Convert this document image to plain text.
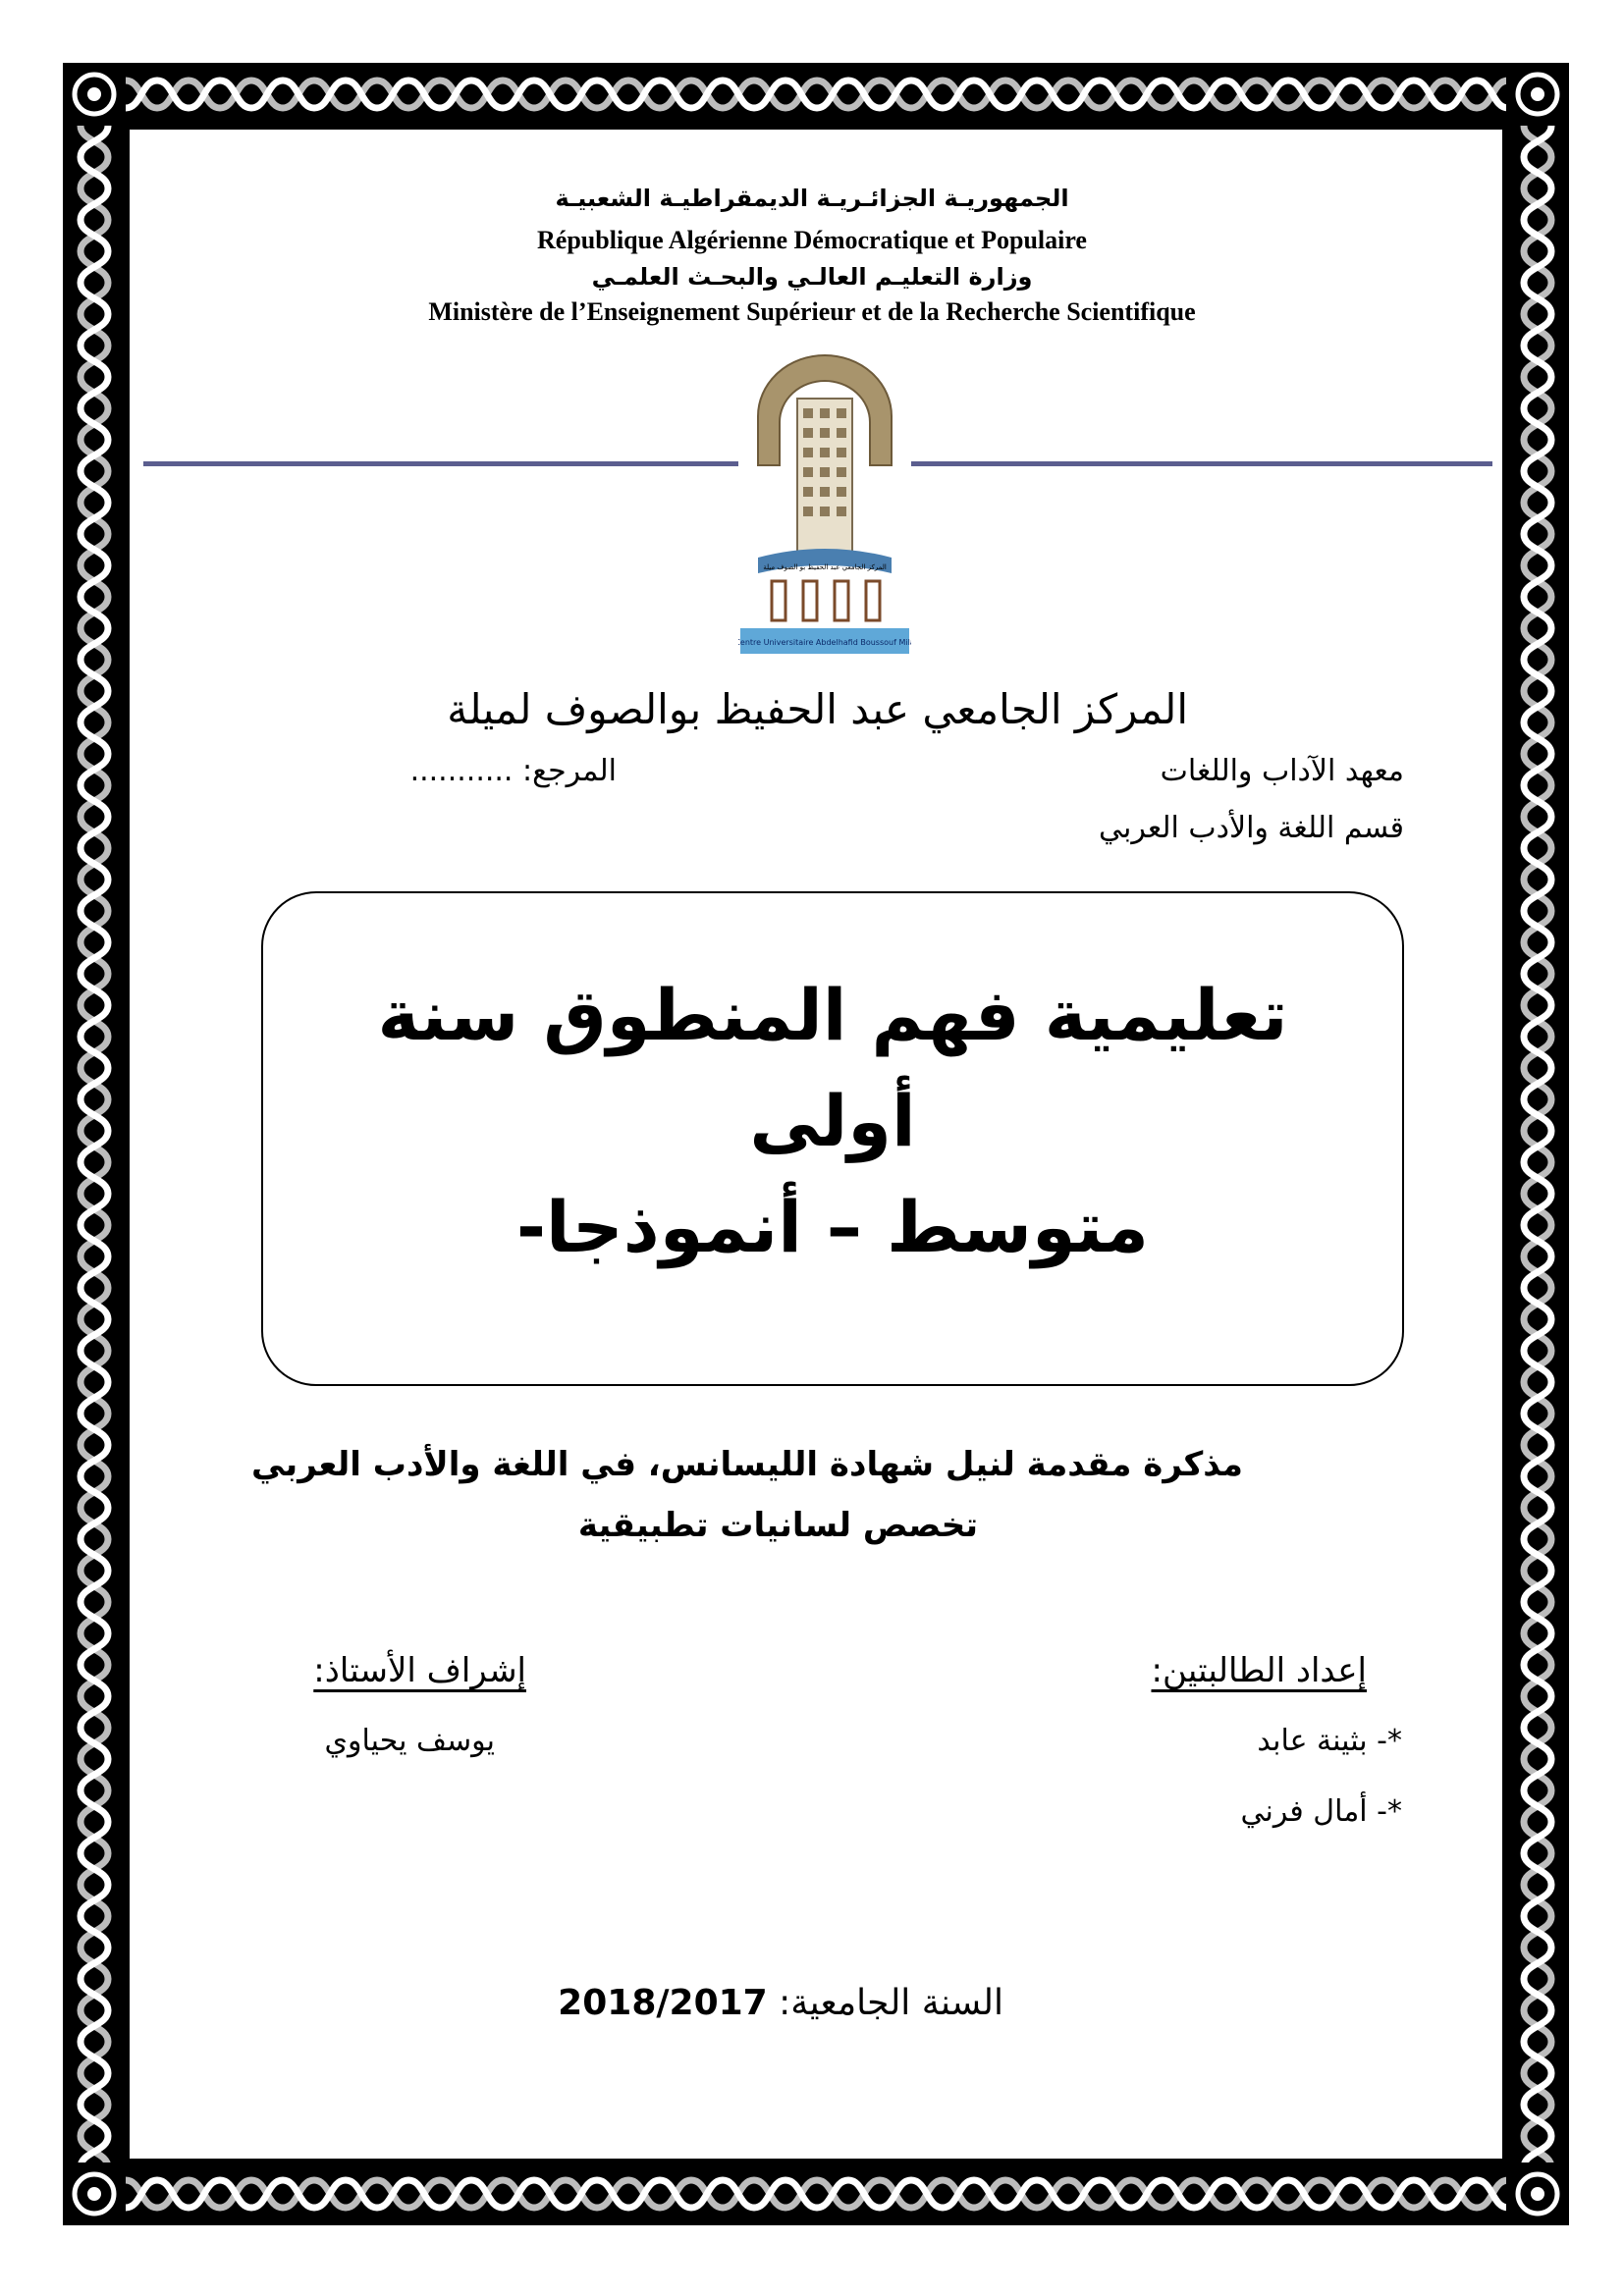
الجمهوريـة الجزائـريـة الديمقراطيـة الشعبيـة
République Algérienne Démocratique et Populaire
وزارة التعليـم العالـي والبحـث العلمـي
Ministère de l’Enseignement Supérieur et de la Recherche Scientifique
المركز الجامعي عبد الحفيظ بو الصوف ميلة
Centre Universitaire Abdelhafid Boussouf Mila
المركز الجامعي عبد الحفيظ بوالصوف لميلة
معهد الآداب واللغات
المرجع: ...........
قسم اللغة والأدب العربي
تعليمية فهم المنطوق سنة أولى
متوسط – أنموذجا-
مذكرة مقدمة لنيل شهادة الليسانس، في اللغة والأدب العربي
تخصص لسانيات تطبيقية
إعداد الطالبتين:
*- بثينة عابد
*- أمال فرني
إشراف الأستاذ:
يوسف يحياوي
السنة الجامعية: 2018/2017
